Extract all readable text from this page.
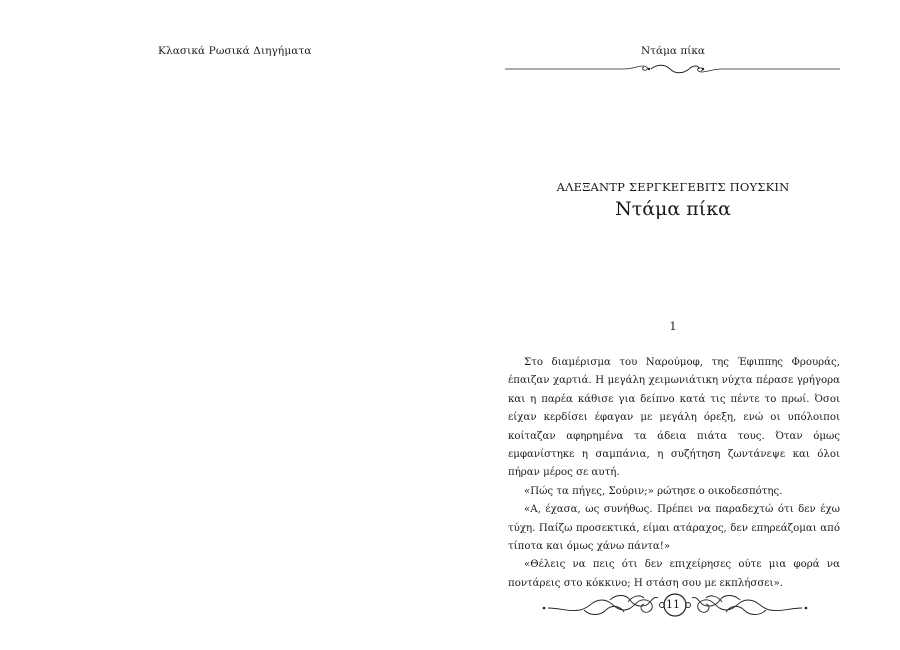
Κλασικά Ρωσικά Διηγήματα	Ντάμα πίκα
ΑΛΕΞΑΝΤΡ ΣΕΡΓΚΕΓΕΒΙΤΣ ΠΟΥΣΚΙΝ
Ντάμα πίκα
1

Στο διαμέρισμα του Ναρούμοφ, της Έφιππης Φρουράς, έπαιζαν χαρτιά. Η μεγάλη χειμωνιάτικη νύχτα πέρασε γρήγορα και η παρέα κάθισε για δείπνο κατά τις πέντε το πρωί. Όσοι είχαν κερδίσει έφαγαν με μεγάλη όρεξη, ενώ οι υπόλοιποι κοίταζαν αφηρημένα τα άδεια πιάτα τους. Όταν όμως εμφανίστηκε η σαμπάνια, η συζήτηση ζωντάνεψε και όλοι πήραν μέρος σε αυτή.

«Πώς τα πήγες, Σούριν;» ρώτησε ο οικοδεσπότης.

«Α, έχασα, ως συνήθως. Πρέπει να παραδεχτώ ότι δεν έχω τύχη. Παίζω προσεκτικά, είμαι ατάραχος, δεν επηρεάζομαι από τίποτα και όμως χάνω πάντα!»

«Θέλεις να πεις ότι δεν επιχείρησες ούτε μια φορά να ποντάρεις στο κόκκινο; Η στάση σου με εκπλήσσει».

11
